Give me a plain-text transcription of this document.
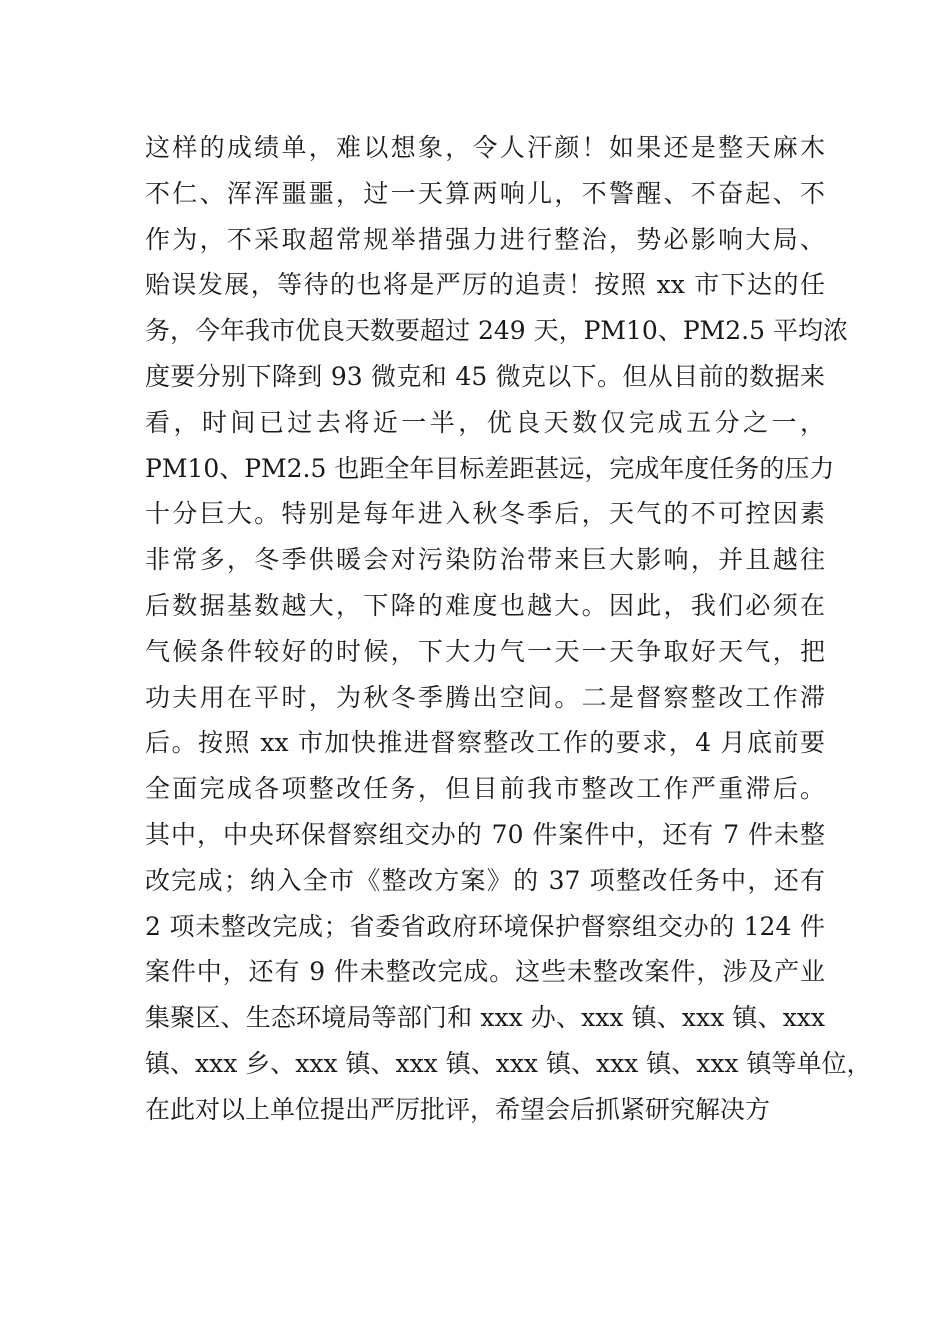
这样的成绩单，难以想象，令人汗颜！如果还是整天麻木
不仁、浑浑噩噩，过一天算两响儿，不警醒、不奋起、不
作为，不采取超常规举措强力进行整治，势必影响大局、
贻误发展，等待的也将是严厉的追责！按照 xx 市下达的任
务，今年我市优良天数要超过 249 天，PM10、PM2.5 平均浓
度要分别下降到 93 微克和 45 微克以下。但从目前的数据来
看，时间已过去将近一半，优良天数仅完成五分之一，
PM10、PM2.5 也距全年目标差距甚远，完成年度任务的压力
十分巨大。特别是每年进入秋冬季后，天气的不可控因素
非常多，冬季供暖会对污染防治带来巨大影响，并且越往
后数据基数越大，下降的难度也越大。因此，我们必须在
气候条件较好的时候，下大力气一天一天争取好天气，把
功夫用在平时，为秋冬季腾出空间。二是督察整改工作滞
后。按照 xx 市加快推进督察整改工作的要求，4 月底前要
全面完成各项整改任务，但目前我市整改工作严重滞后。
其中，中央环保督察组交办的 70 件案件中，还有 7 件未整
改完成；纳入全市《整改方案》的 37 项整改任务中，还有
2 项未整改完成；省委省政府环境保护督察组交办的 124 件
案件中，还有 9 件未整改完成。这些未整改案件，涉及产业
集聚区、生态环境局等部门和 xxx 办、xxx 镇、xxx 镇、xxx
镇、xxx 乡、xxx 镇、xxx 镇、xxx 镇、xxx 镇、xxx 镇等单位，
在此对以上单位提出严厉批评，希望会后抓紧研究解决方
